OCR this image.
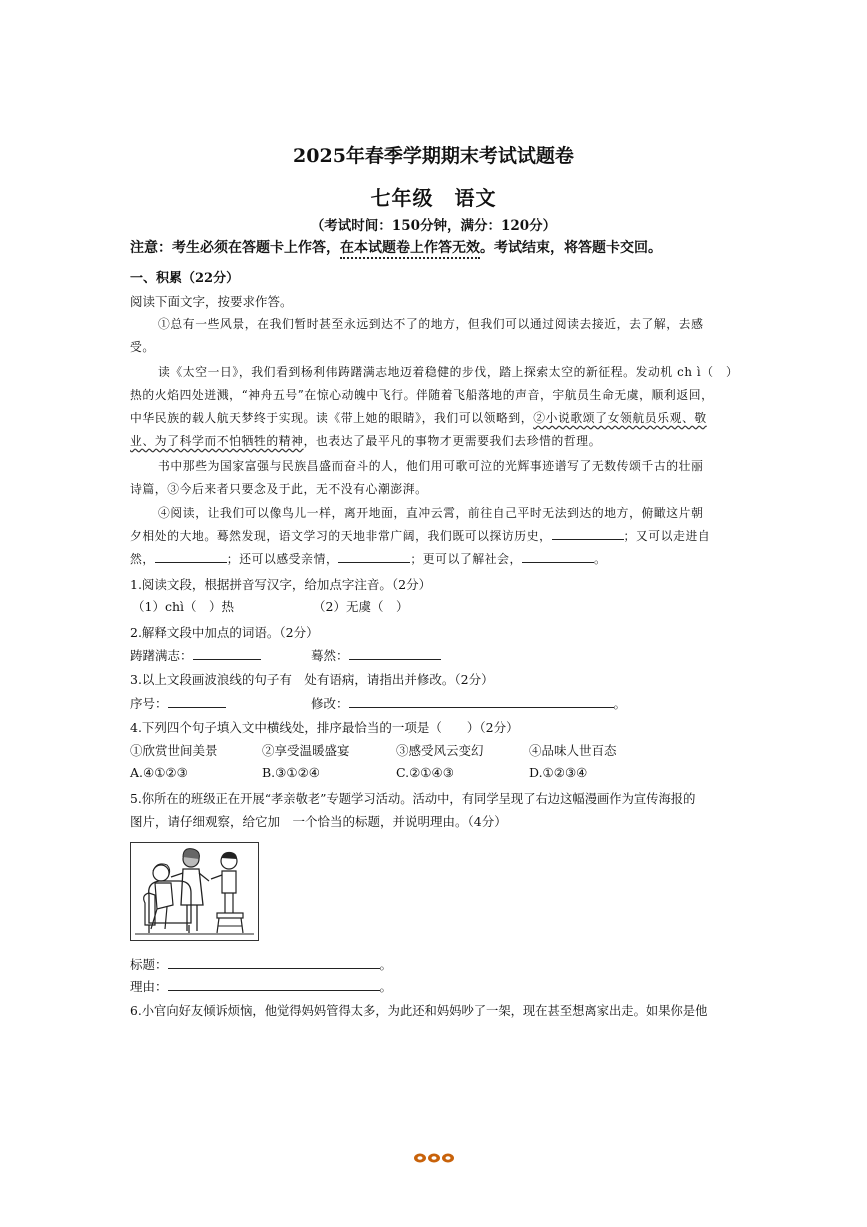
2025年春季学期期末考试试题卷
七年级　语文
（考试时间：150分钟，满分：120分）
注意：考生必须在答题卡上作答，在本试题卷上作答无效。考试结束，将答题卡交回。
一、积累（22分）
阅读下面文字，按要求作答。
①总有一些风景，在我们暂时甚至永远到达不了的地方，但我们可以通过阅读去接近，去了解，去感
受。
读《太空一日》，我们看到杨利伟踌躇满志地迈着稳健的步伐，踏上探索太空的新征程。发动机 ch ì（　）
热的火焰四处迸溅，“神舟五号”在惊心动魄中飞行。伴随着飞船落地的声音，宇航员生命无虞，顺利返回，
中华民族的载人航天梦终于实现。读《带上她的眼睛》，我们可以领略到，②小说歌颂了女领航员乐观、敬
业、为了科学而不怕牺牲的精神，也表达了最平凡的事物才更需要我们去珍惜的哲理。
书中那些为国家富强与民族昌盛而奋斗的人，他们用可歌可泣的光辉事迹谱写了无数传颂千古的壮丽
诗篇，③今后来者只要念及于此，无不没有心潮澎湃。
④阅读，让我们可以像鸟儿一样，离开地面，直冲云霄，前往自己平时无法到达的地方，俯瞰这片朝
夕相处的大地。蓦然发现，语文学习的天地非常广阔，我们既可以探访历史，	；又可以走进自
然，	；还可以感受亲情，	；更可以了解社会，	。
1.阅读文段，根据拼音写汉字，给加点字注音。（2分）
（1）chì（　）热	（2）无虞（　）
2.解释文段中加点的词语。（2分）
踌躇满志：	蓦然：
3.以上文段画波浪线的句子有　处有语病，请指出并修改。（2分）
序号：	修改：	。
4.下列四个句子填入文中横线处，排序最恰当的一项是（　　）（2分）
①欣赏世间美景	②享受温暖盛宴	③感受风云变幻	④品味人世百态
A.④①②③	B.③①②④	C.②①④③	D.①②③④
5.你所在的班级正在开展“孝亲敬老”专题学习活动。活动中，有同学呈现了右边这幅漫画作为宣传海报的
图片，请仔细观察，给它加　一个恰当的标题，并说明理由。（4分）
标题：	。
理由：	。
6.小官向好友倾诉烦恼，他觉得妈妈管得太多，为此还和妈妈吵了一架，现在甚至想离家出走。如果你是他
